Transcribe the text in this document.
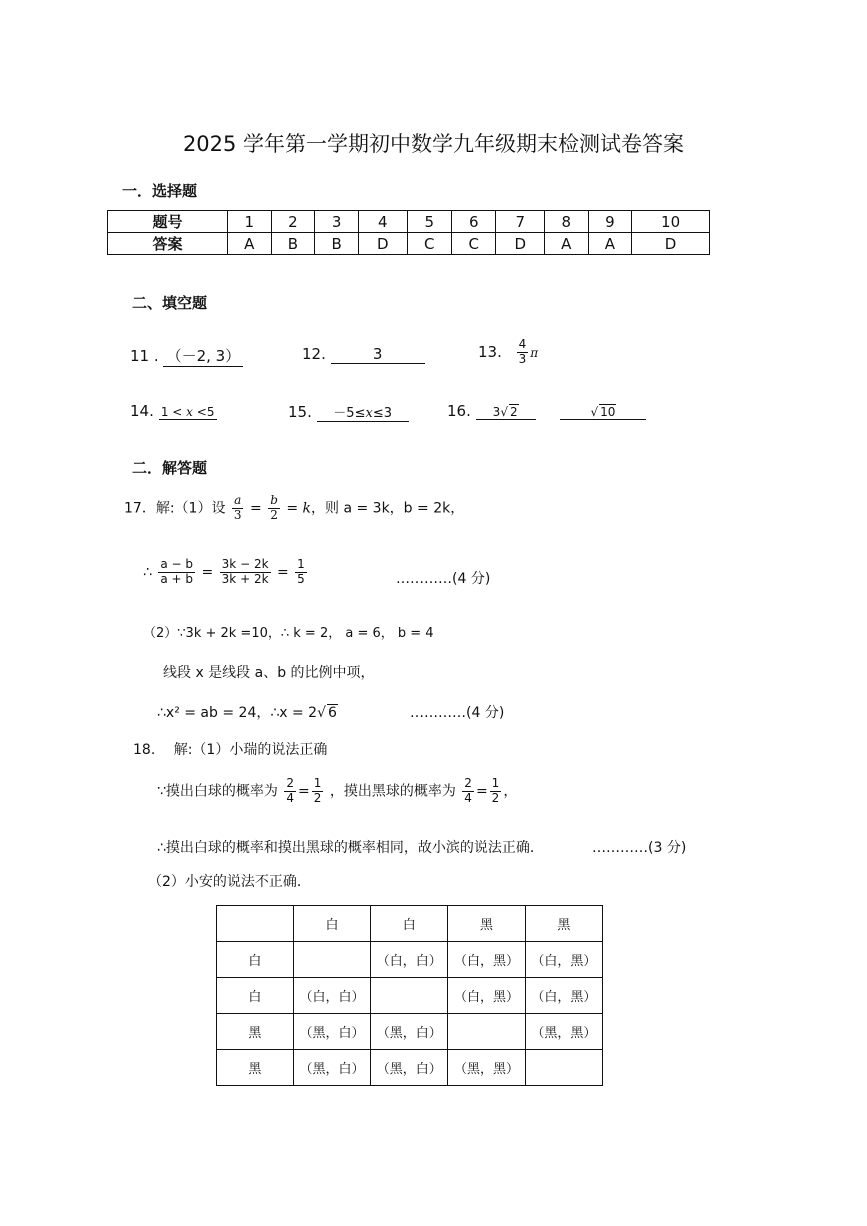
2025 学年第一学期初中数学九年级期末检测试卷答案
一．选择题
题号	1	2	3	4	5	6	7	8	9	10
答案	A	B	B	D	C	C	D	A	A	D
二、填空题
11 . （－2, 3）	12.	3	13. $\frac{4}{3}$ π
14. 1 < x <5	15. －5≤x≤3	16. 3√ 2	√ 10
二．解答题
17．解:（1）设 $\frac{a}{3} = \frac{b}{2} = k$，则 a = 3k，b = 2k，
∴ $\frac{a - b}{a + b} = \frac{3k - 2k}{3k + 2k} = \frac{1}{5}$	…………(4 分)
（2）∵3k + 2k =10，∴ k = 2， a = 6， b = 4
线段 x 是线段 a、b 的比例中项，
∴x² = ab = 24，∴x = 2√ 6	…………(4 分)
18.　 解:（1）小瑞的说法正确
∵摸出白球的概率为 $\frac{2}{4} = \frac{1}{2}$ ，摸出黑球的概率为 $\frac{2}{4} = \frac{1}{2}$ ，
∴摸出白球的概率和摸出黑球的概率相同，故小滨的说法正确．	…………(3 分)
（2）小安的说法不正确．
	白	白	黑	黑
白		（白，白）	（白，黑）	（白，黑）
白	（白，白）		（白，黑）	（白，黑）
黑	（黑，白）	（黑，白）		（黑，黑）
黑	（黑，白）	（黑，白）	（黑，黑）	
